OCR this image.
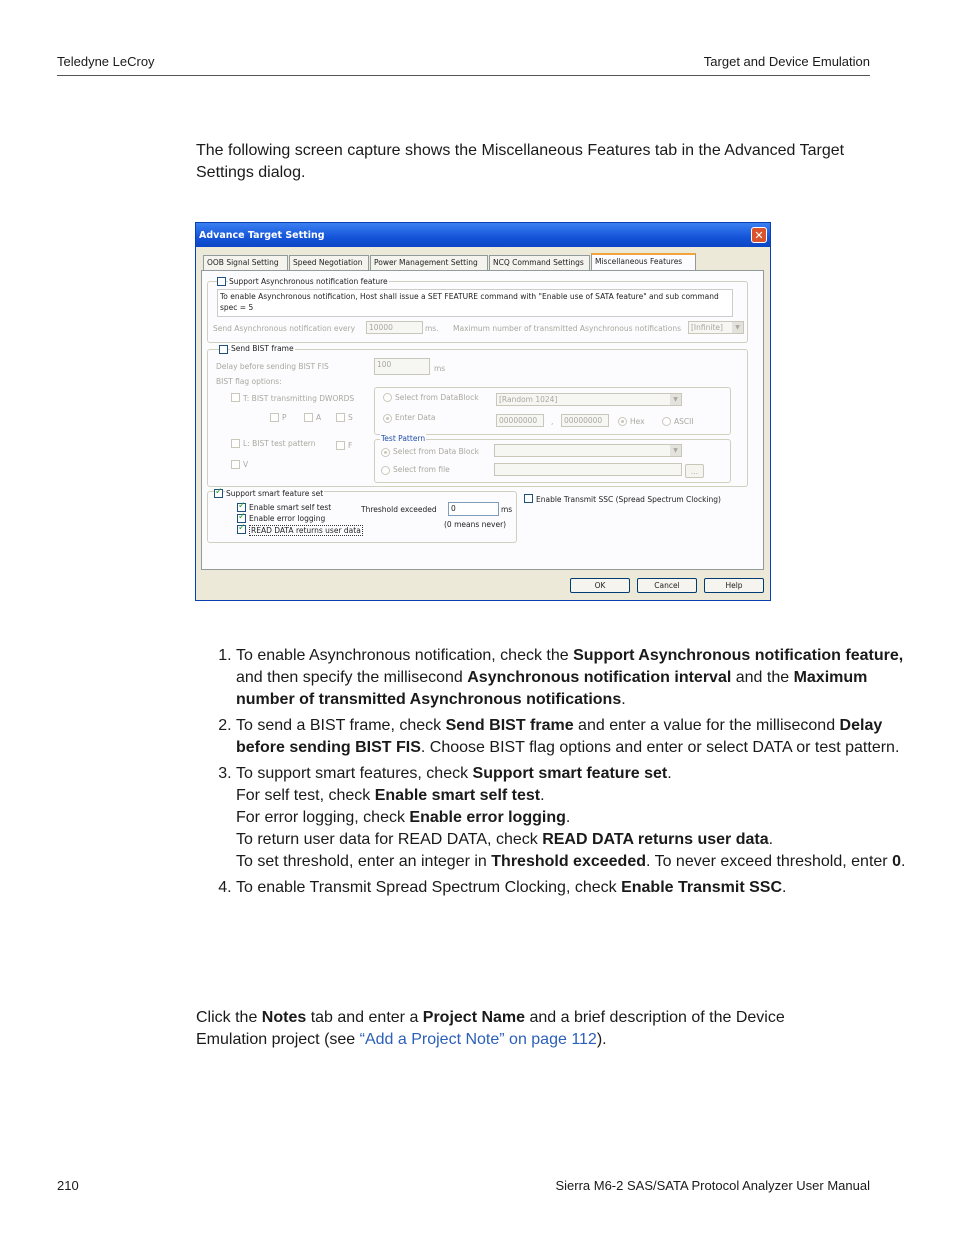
Teledyne LeCroy	Target and Device Emulation

The following screen capture shows the Miscellaneous Features tab in the Advanced Target Settings dialog.

Advance Target Setting	✕
OOB Signal Setting	Speed Negotiation	Power Management Setting	NCQ Command Settings	Miscellaneous Features
Support Asynchronous notification feature
To enable Asynchronous notification, Host shall issue a SET FEATURE command with "Enable use of SATA feature" and sub command spec = 5
Send Asynchronous notification every	10000	ms. Maximum number of transmitted Asynchronous notifications	[Infinite]	▼
Send BIST frame
Delay before sending BIST FIS	100	ms
BIST flag options:
T: BIST transmitting DWORDS
P	A	S
L: BIST test pattern	F
V
Select from DataBlock	[Random 1024]	▼
Enter Data	00000000	,	00000000	Hex	ASCII
Test Pattern
Select from Data Block	▼
Select from file	...
✓
Support smart feature set
✓
Enable smart self test
✓
Enable error logging
✓
READ DATA returns user data
Threshold exceeded	0	ms
(0 means never)
Enable Transmit SSC (Spread Spectrum Clocking)
OK	Cancel	Help
1. To enable Asynchronous notification, check the Support Asynchronous notification feature, and then specify the millisecond Asynchronous notification interval and the Maximum number of transmitted Asynchronous notifications.
2. To send a BIST frame, check Send BIST frame and enter a value for the millisecond Delay before sending BIST FIS. Choose BIST flag options and enter or select DATA or test pattern.
3. To support smart features, check Support smart feature set.
For self test, check Enable smart self test.
For error logging, check Enable error logging.
To return user data for READ DATA, check READ DATA returns user data.
To set threshold, enter an integer in Threshold exceeded. To never exceed threshold, enter 0.
4. To enable Transmit Spread Spectrum Clocking, check Enable Transmit SSC.

Click the Notes tab and enter a Project Name and a brief description of the Device Emulation project (see “Add a Project Note” on page 112).

210	Sierra M6-2 SAS/SATA Protocol Analyzer User Manual
